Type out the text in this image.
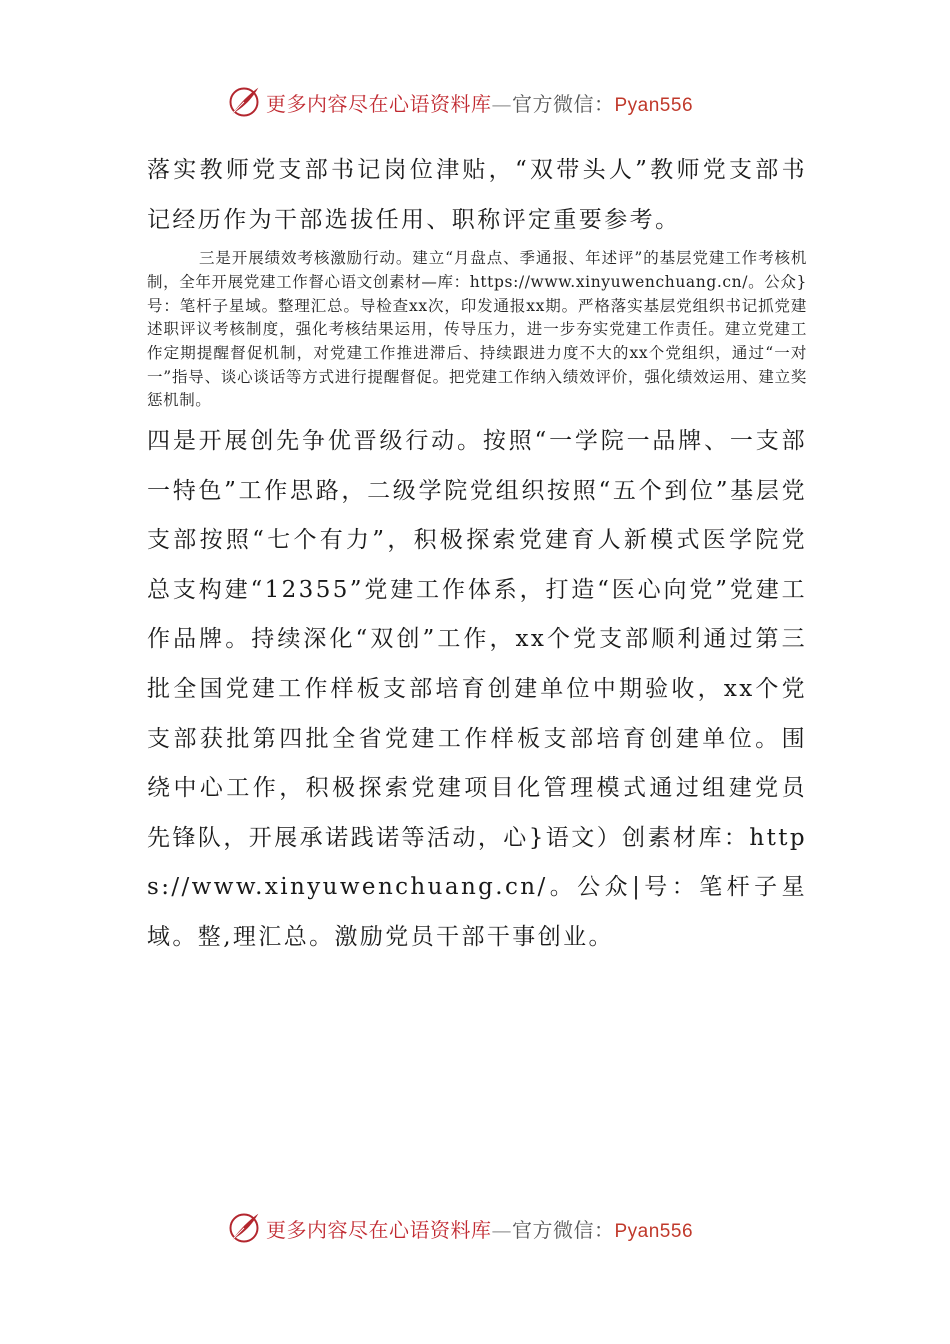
更多内容尽在心语资料库—官方微信：Pyan556

落实教师党支部书记岗位津贴，“双带头人”教师党支部书记经历作为干部选拔任用、职称评定重要参考。

三是开展绩效考核激励行动。建立“月盘点、季通报、年述评”的基层党建工作考核机制，全年开展党建工作督心语文创素材—库：https://www.xinyuwenchuang.cn/。公众}号：笔杆子星域。整理汇总。导检查xx次，印发通报xx期。严格落实基层党组织书记抓党建述职评议考核制度，强化考核结果运用，传导压力，进一步夯实党建工作责任。建立党建工作定期提醒督促机制，对党建工作推进滞后、持续跟进力度不大的xx个党组织，通过“一对一”指导、谈心谈话等方式进行提醒督促。把党建工作纳入绩效评价，强化绩效运用、建立奖惩机制。

四是开展创先争优晋级行动。按照“一学院一品牌、一支部一特色”工作思路，二级学院党组织按照“五个到位”基层党支部按照“七个有力”，积极探索党建育人新模式医学院党总支构建“12355”党建工作体系，打造“医心向党”党建工作品牌。持续深化“双创”工作，xx个党支部顺利通过第三批全国党建工作样板支部培育创建单位中期验收，xx个党支部获批第四批全省党建工作样板支部培育创建单位。围绕中心工作，积极探索党建项目化管理模式通过组建党员先锋队，开展承诺践诺等活动，心}语文）创素材库：https://www.xinyuwenchuang.cn/。公众|号：笔杆子星域。整,理汇总。激励党员干部干事创业。

更多内容尽在心语资料库—官方微信：Pyan556
